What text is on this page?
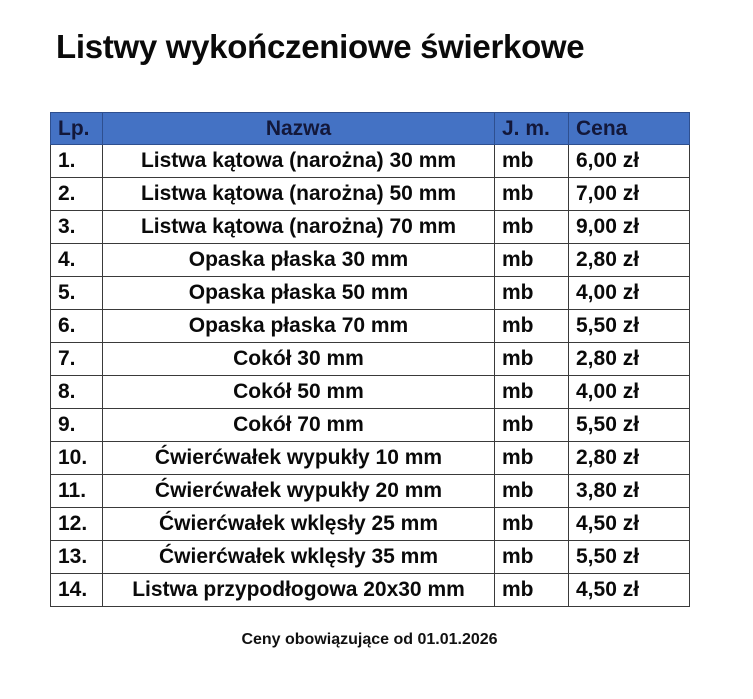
Listwy wykończeniowe świerkowe
Lp.	Nazwa	J. m.	Cena
1.	Listwa kątowa (narożna) 30 mm	mb	6,00 zł
2.	Listwa kątowa (narożna) 50 mm	mb	7,00 zł
3.	Listwa kątowa (narożna) 70 mm	mb	9,00 zł
4.	Opaska płaska 30 mm	mb	2,80 zł
5.	Opaska płaska 50 mm	mb	4,00 zł
6.	Opaska płaska 70 mm	mb	5,50 zł
7.	Cokół 30 mm	mb	2,80 zł
8.	Cokół 50 mm	mb	4,00 zł
9.	Cokół 70 mm	mb	5,50 zł
10.	Ćwierćwałek wypukły 10 mm	mb	2,80 zł
11.	Ćwierćwałek wypukły 20 mm	mb	3,80 zł
12.	Ćwierćwałek wklęsły 25 mm	mb	4,50 zł
13.	Ćwierćwałek wklęsły 35 mm	mb	5,50 zł
14.	Listwa przypodłogowa 20x30 mm	mb	4,50 zł
Ceny obowiązujące od 01.01.2026
